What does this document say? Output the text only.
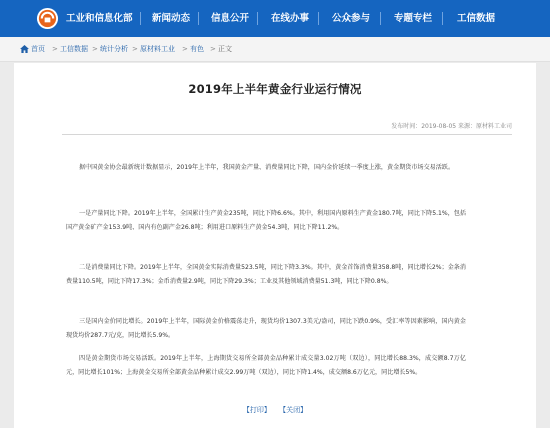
工业和信息化部 新闻动态 信息公开 在线办事 公众参与	专题专栏	工信数据
首页 > 工信数据 > 统计分析 > 原材料工业 > 有色 > 正文
2019年上半年黄金行业运行情况
发布时间：2019-08-05 来源：原材料工业司
据中国黄金协会最新统计数据显示，2019年上半年，我国黄金产量、消费量同比下降，国内金价延续一季度上涨，黄金期货市场交易活跃。
一是产量同比下降。2019年上半年，全国累计生产黄金235吨，同比下降6.6%。其中，利用国内原料生产黄金180.7吨，同比下降5.1%，包括国产黄金矿产金153.9吨、国内有色副产金26.8吨；利用进口原料生产黄金54.3吨，同比下降11.2%。
二是消费量同比下降。2019年上半年，全国黄金实际消费量523.5吨，同比下降3.3%。其中，黄金首饰消费量358.8吨，同比增长2%；金条消费量110.5吨，同比下降17.3%；金币消费量2.9吨，同比下降29.3%；工业及其他领域消费量51.3吨，同比下降0.8%。
三是国内金价同比增长。2019年上半年，国际黄金价格震荡走升，现货均价1307.3美元/盎司，同比下跌0.9%，受汇率等因素影响，国内黄金现货均价287.7元/克，同比增长5.9%。
四是黄金期货市场交易活跃。2019年上半年，上海期货交易所全部黄金品种累计成交量3.02万吨（双边），同比增长88.3%，成交额8.7万亿元，同比增长101%；上海黄金交易所全部黄金品种累计成交2.99万吨（双边），同比下降1.4%，成交额8.6万亿元，同比增长5%。
【打印】 【关闭】
